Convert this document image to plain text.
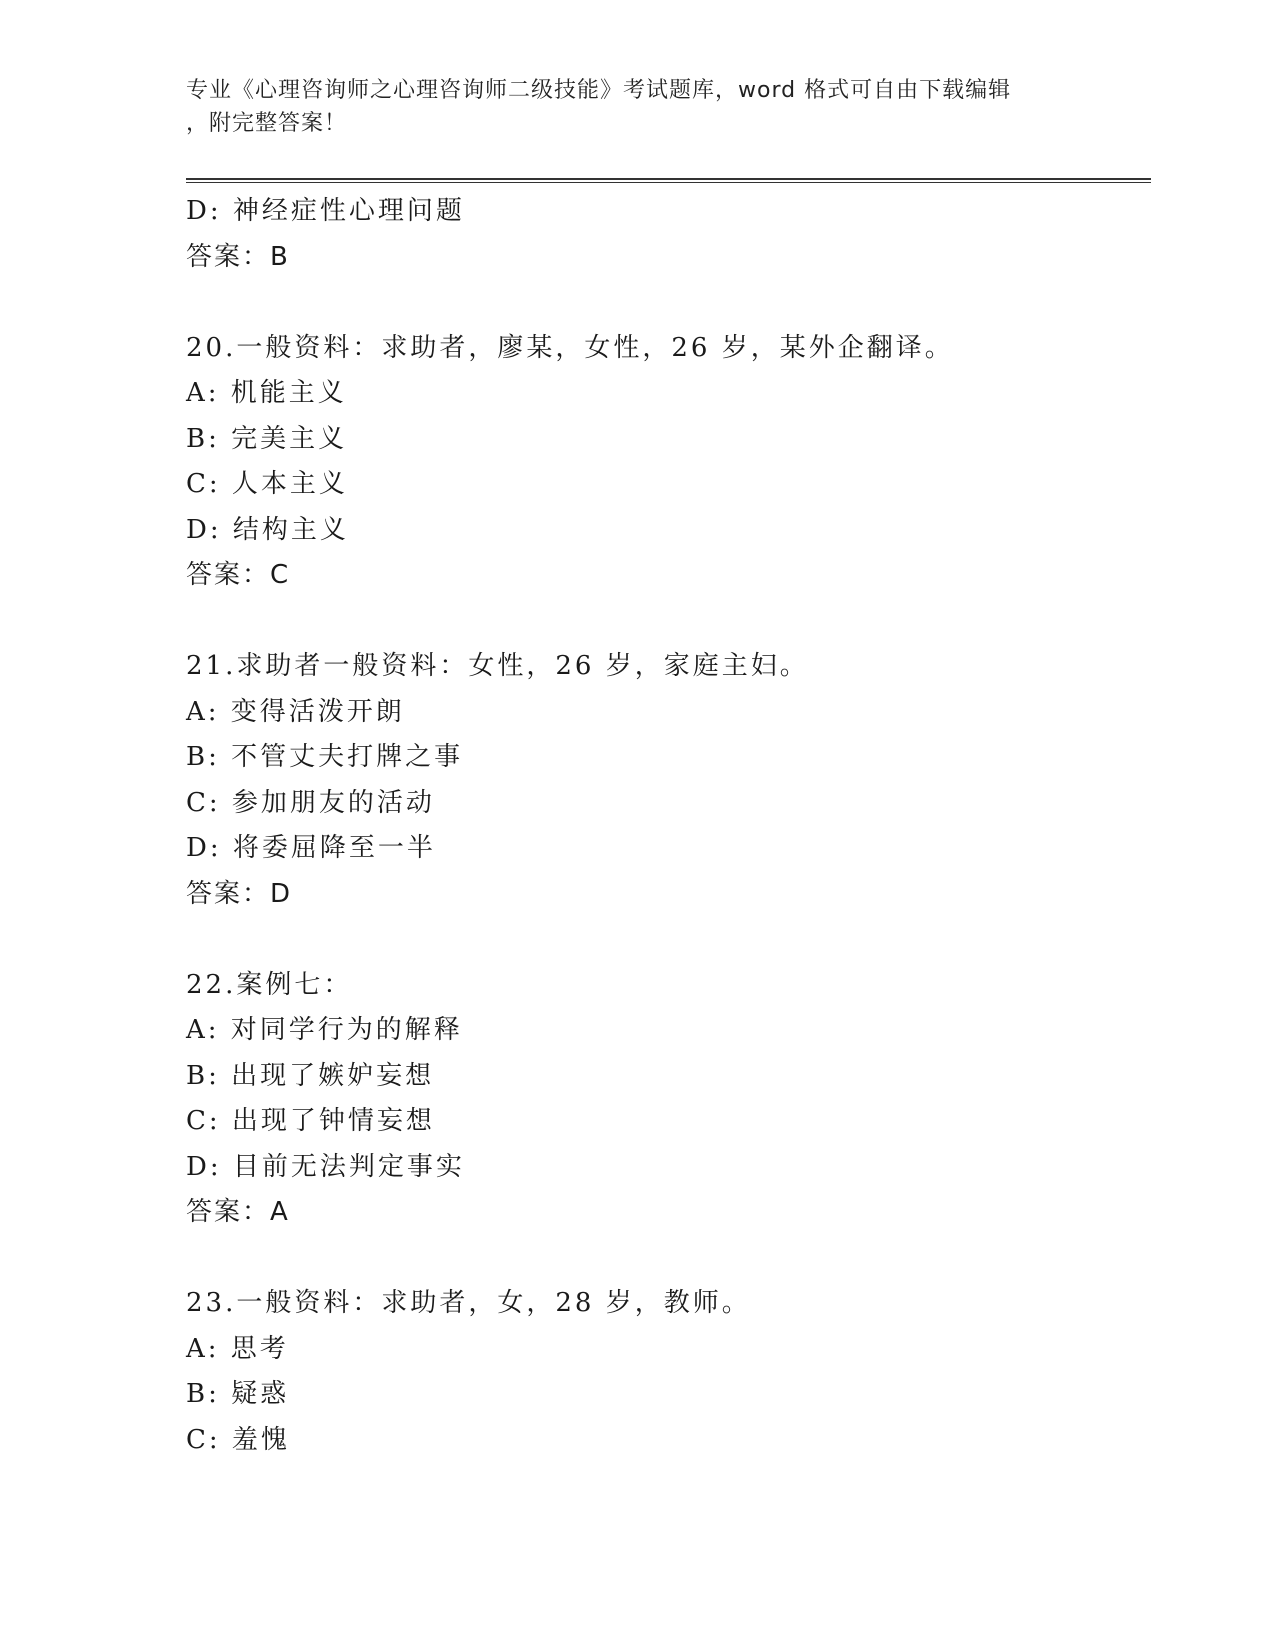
专业《心理咨询师之心理咨询师二级技能》考试题库，word 格式可自由下载编辑
，附完整答案！
D: 神经症性心理问题
答案：B
20.一般资料：求助者，廖某，女性，26 岁，某外企翻译。
A: 机能主义
B: 完美主义
C: 人本主义
D: 结构主义
答案：C
21.求助者一般资料：女性，26 岁，家庭主妇。
A: 变得活泼开朗
B: 不管丈夫打牌之事
C: 参加朋友的活动
D: 将委屈降至一半
答案：D
22.案例七：
A: 对同学行为的解释
B: 出现了嫉妒妄想
C: 出现了钟情妄想
D: 目前无法判定事实
答案：A
23.一般资料：求助者，女，28 岁，教师。
A: 思考
B: 疑惑
C: 羞愧
